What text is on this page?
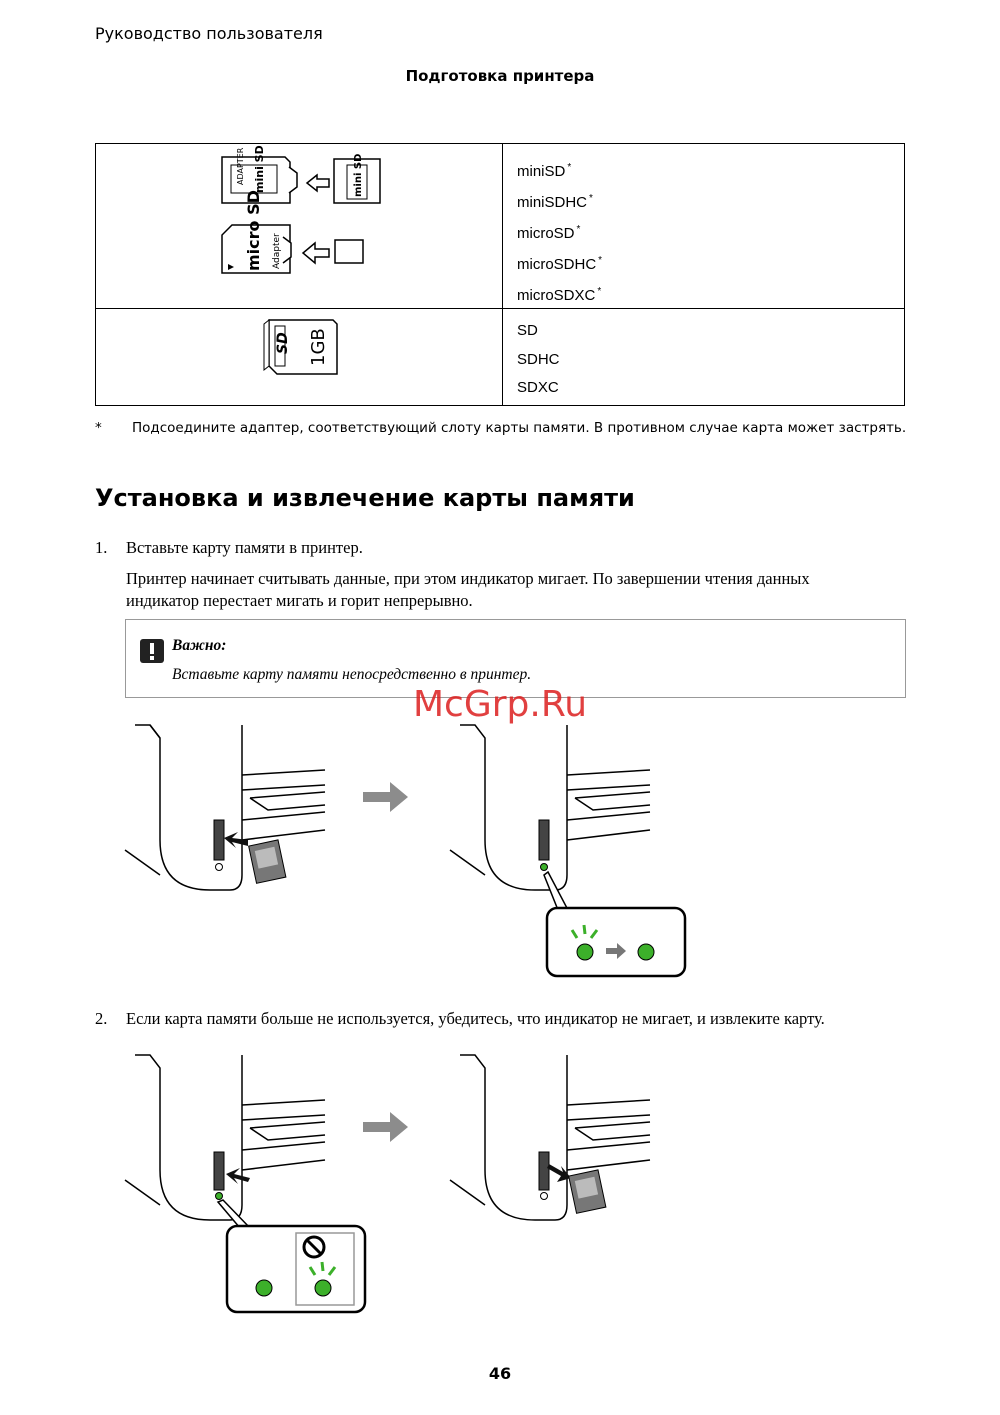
Руководство пользователя
Подготовка принтера
ADAPTER mini SD mini SD
micro SD Adapter	miniSD *
miniSDHC *
microSD *
microSDHC *
microSDXC *

SD 1GB	SD
SDHC
SDXC
* Подсоедините адаптер, соответствующий слоту карты памяти. В противном случае карта может застрять.
Установка и извлечение карты памяти
1. Вставьте карту памяти в принтер.
Принтер начинает считывать данные, при этом индикатор мигает. По завершении чтения данных
индикатор перестает мигать и горит непрерывно.
Важно:
Вставьте карту памяти непосредственно в принтер.
McGrp.Ru
2. Если карта памяти больше не используется, убедитесь, что индикатор не мигает, и извлеките карту.
46
